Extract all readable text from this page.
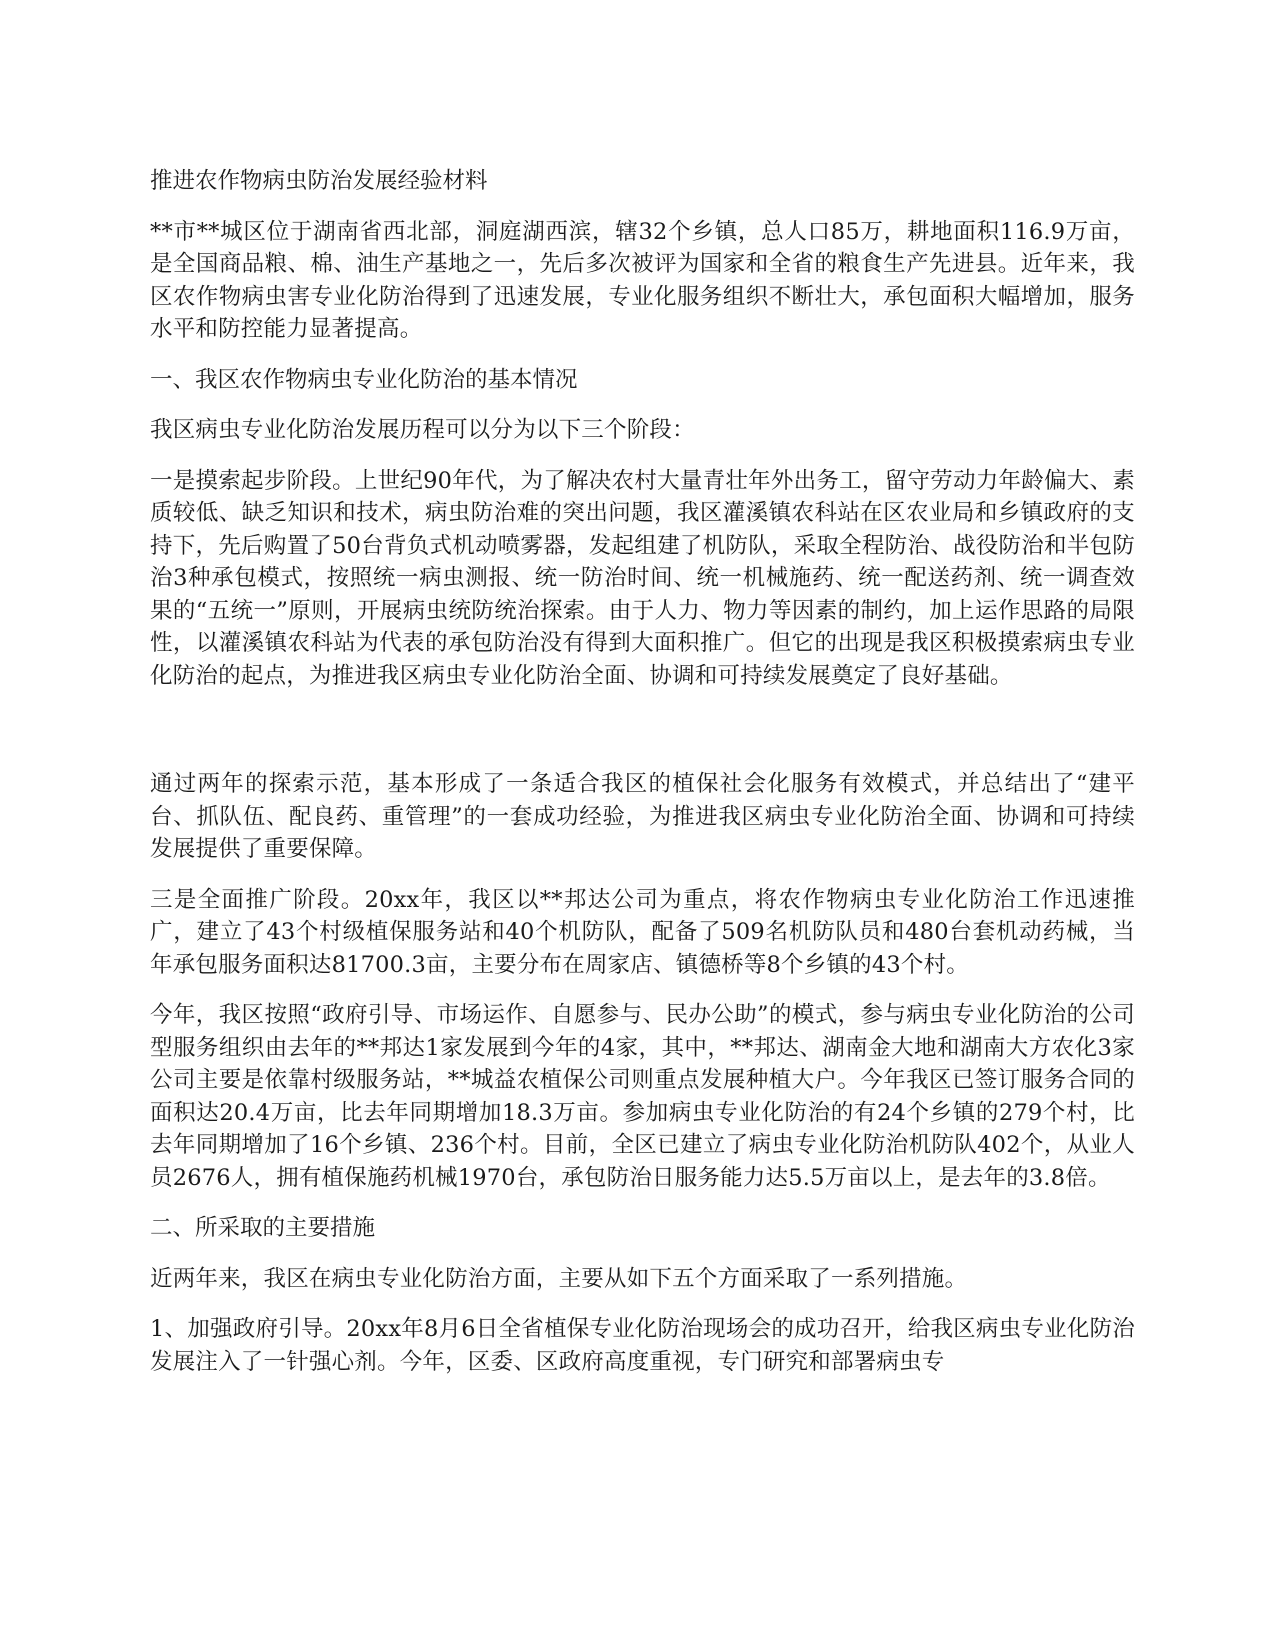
推进农作物病虫防治发展经验材料

**市**城区位于湖南省西北部，洞庭湖西滨，辖32个乡镇，总人口85万，耕地面积116.9万亩，是全国商品粮、棉、油生产基地之一，先后多次被评为国家和全省的粮食生产先进县。近年来，我区农作物病虫害专业化防治得到了迅速发展，专业化服务组织不断壮大，承包面积大幅增加，服务水平和防控能力显著提高。

一、我区农作物病虫专业化防治的基本情况

我区病虫专业化防治发展历程可以分为以下三个阶段：

一是摸索起步阶段。上世纪90年代，为了解决农村大量青壮年外出务工，留守劳动力年龄偏大、素质较低、缺乏知识和技术，病虫防治难的突出问题，我区灌溪镇农科站在区农业局和乡镇政府的支持下，先后购置了50台背负式机动喷雾器，发起组建了机防队，采取全程防治、战役防治和半包防治3种承包模式，按照统一病虫测报、统一防治时间、统一机械施药、统一配送药剂、统一调查效果的“五统一”原则，开展病虫统防统治探索。由于人力、物力等因素的制约，加上运作思路的局限性，以灌溪镇农科站为代表的承包防治没有得到大面积推广。但它的出现是我区积极摸索病虫专业化防治的起点，为推进我区病虫专业化防治全面、协调和可持续发展奠定了良好基础。

通过两年的探索示范，基本形成了一条适合我区的植保社会化服务有效模式，并总结出了“建平台、抓队伍、配良药、重管理”的一套成功经验，为推进我区病虫专业化防治全面、协调和可持续发展提供了重要保障。

三是全面推广阶段。20xx年，我区以**邦达公司为重点，将农作物病虫专业化防治工作迅速推广，建立了43个村级植保服务站和40个机防队，配备了509名机防队员和480台套机动药械，当年承包服务面积达81700.3亩，主要分布在周家店、镇德桥等8个乡镇的43个村。

今年，我区按照“政府引导、市场运作、自愿参与、民办公助”的模式，参与病虫专业化防治的公司型服务组织由去年的**邦达1家发展到今年的4家，其中，**邦达、湖南金大地和湖南大方农化3家公司主要是依靠村级服务站，**城益农植保公司则重点发展种植大户。今年我区已签订服务合同的面积达20.4万亩，比去年同期增加18.3万亩。参加病虫专业化防治的有24个乡镇的279个村，比去年同期增加了16个乡镇、236个村。目前，全区已建立了病虫专业化防治机防队402个，从业人员2676人，拥有植保施药机械1970台，承包防治日服务能力达5.5万亩以上，是去年的3.8倍。

二、所采取的主要措施

近两年来，我区在病虫专业化防治方面，主要从如下五个方面采取了一系列措施。

1、加强政府引导。20xx年8月6日全省植保专业化防治现场会的成功召开，给我区病虫专业化防治发展注入了一针强心剂。今年，区委、区政府高度重视，专门研究和部署病虫专
